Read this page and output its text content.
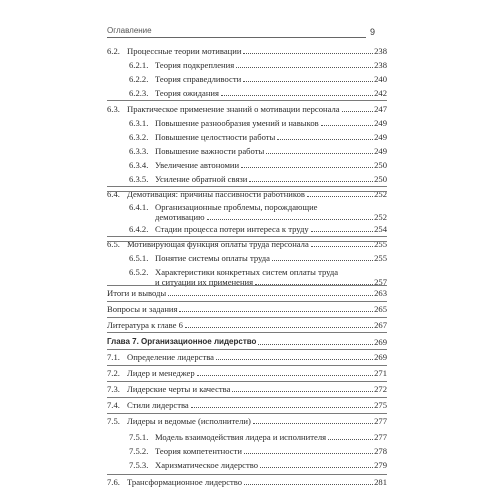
Оглавление	9
6.2. Процессные теории мотивации	238
6.2.1. Теория подкрепления	238
6.2.2. Теория справедливости	240
6.2.3. Теория ожидания	242
6.3. Практическое применение знаний о мотивации персонала	247
6.3.1. Повышение разнообразия умений и навыков	249
6.3.2. Повышение целостности работы	249
6.3.3. Повышение важности работы	249
6.3.4. Увеличение автономии	250
6.3.5. Усиление обратной связи	250
6.4. Демотивация: причины пассивности работников	252
6.4.1. Организационные проблемы, порождающие
демотивацию	252
6.4.2. Стадии процесса потери интереса к труду	254
6.5. Мотивирующая функция оплаты труда персонала	255
6.5.1. Понятие системы оплаты труда	255
6.5.2. Характеристики конкретных систем оплаты труда
и ситуации их применения	257
Итоги и выводы	263
Вопросы и задания	265
Литература к главе 6	267
Глава 7. Организационное лидерство	269
7.1. Определение лидерства	269
7.2. Лидер и менеджер	271
7.3. Лидерские черты и качества	272
7.4. Стили лидерства	275
7.5. Лидеры и ведомые (исполнители)	277
7.5.1. Модель взаимодействия лидера и исполнителя	277
7.5.2. Теория компетентности	278
7.5.3. Харизматическое лидерство	279
7.6. Трансформационное лидерство	281
